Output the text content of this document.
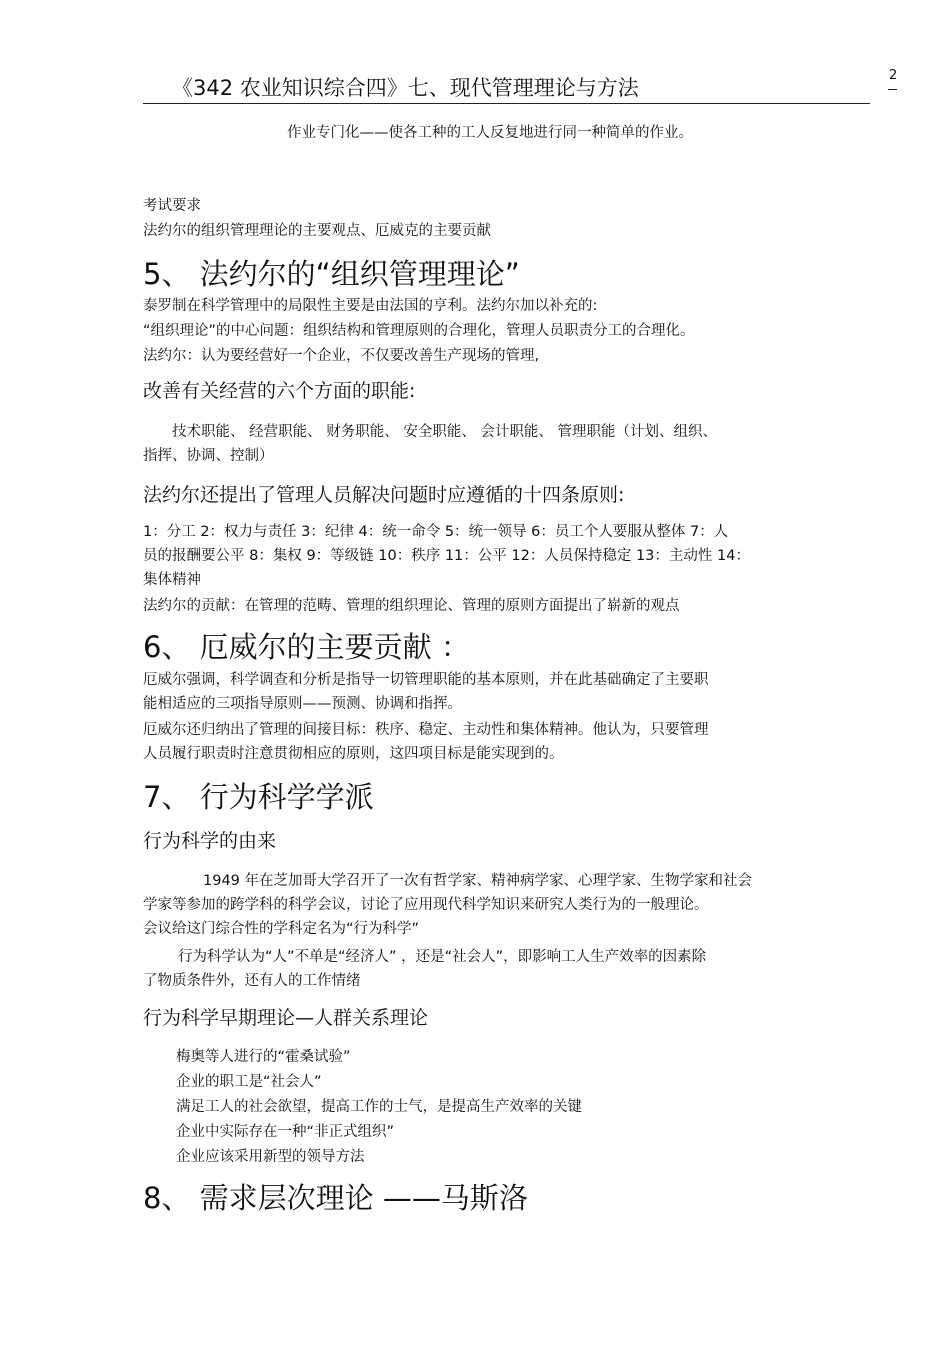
《342 农业知识综合四》七、现代管理理论与方法
2
作业专门化——使各工种的工人反复地进行同一种简单的作业。
考试要求
法约尔的组织管理理论的主要观点、厄威克的主要贡献
5、 法约尔的“组织管理理论”
泰罗制在科学管理中的局限性主要是由法国的亨利。法约尔加以补充的:
“组织理论”的中心问题：组织结构和管理原则的合理化，管理人员职责分工的合理化。
法约尔：认为要经营好一个企业，不仅要改善生产现场的管理,
改善有关经营的六个方面的职能:
技术职能、 经营职能、 财务职能、 安全职能、 会计职能、 管理职能（计划、组织、
指挥、协调、控制）
法约尔还提出了管理人员解决问题时应遵循的十四条原则:
1：分工 2：权力与责任 3：纪律 4：统一命令 5：统一领导 6：员工个人要服从整体 7：人
员的报酬要公平 8：集权 9：等级链 10：秩序 11：公平 12：人员保持稳定 13：主动性 14：
集体精神
法约尔的贡献：在管理的范畴、管理的组织理论、管理的原则方面提出了崭新的观点
6、 厄威尔的主要贡献 ：
厄威尔强调，科学调查和分析是指导一切管理职能的基本原则，并在此基础确定了主要职
能相适应的三项指导原则——预测、协调和指挥。
厄威尔还归纳出了管理的间接目标：秩序、稳定、主动性和集体精神。他认为，只要管理
人员履行职责时注意贯彻相应的原则，这四项目标是能实现到的。
7、 行为科学学派
行为科学的由来
1949 年在芝加哥大学召开了一次有哲学家、精神病学家、心理学家、生物学家和社会
学家等参加的跨学科的科学会议，讨论了应用现代科学知识来研究人类行为的一般理论。
会议给这门综合性的学科定名为“行为科学”
行为科学认为“人”不单是“经济人” ，还是“社会人”，即影响工人生产效率的因素除
了物质条件外，还有人的工作情绪
行为科学早期理论—人群关系理论
梅奥等人进行的“霍桑试验”
企业的职工是“社会人”
满足工人的社会欲望，提高工作的士气，是提高生产效率的关键
企业中实际存在一种“非正式组织”
企业应该采用新型的领导方法
8、 需求层次理论 ——马斯洛
